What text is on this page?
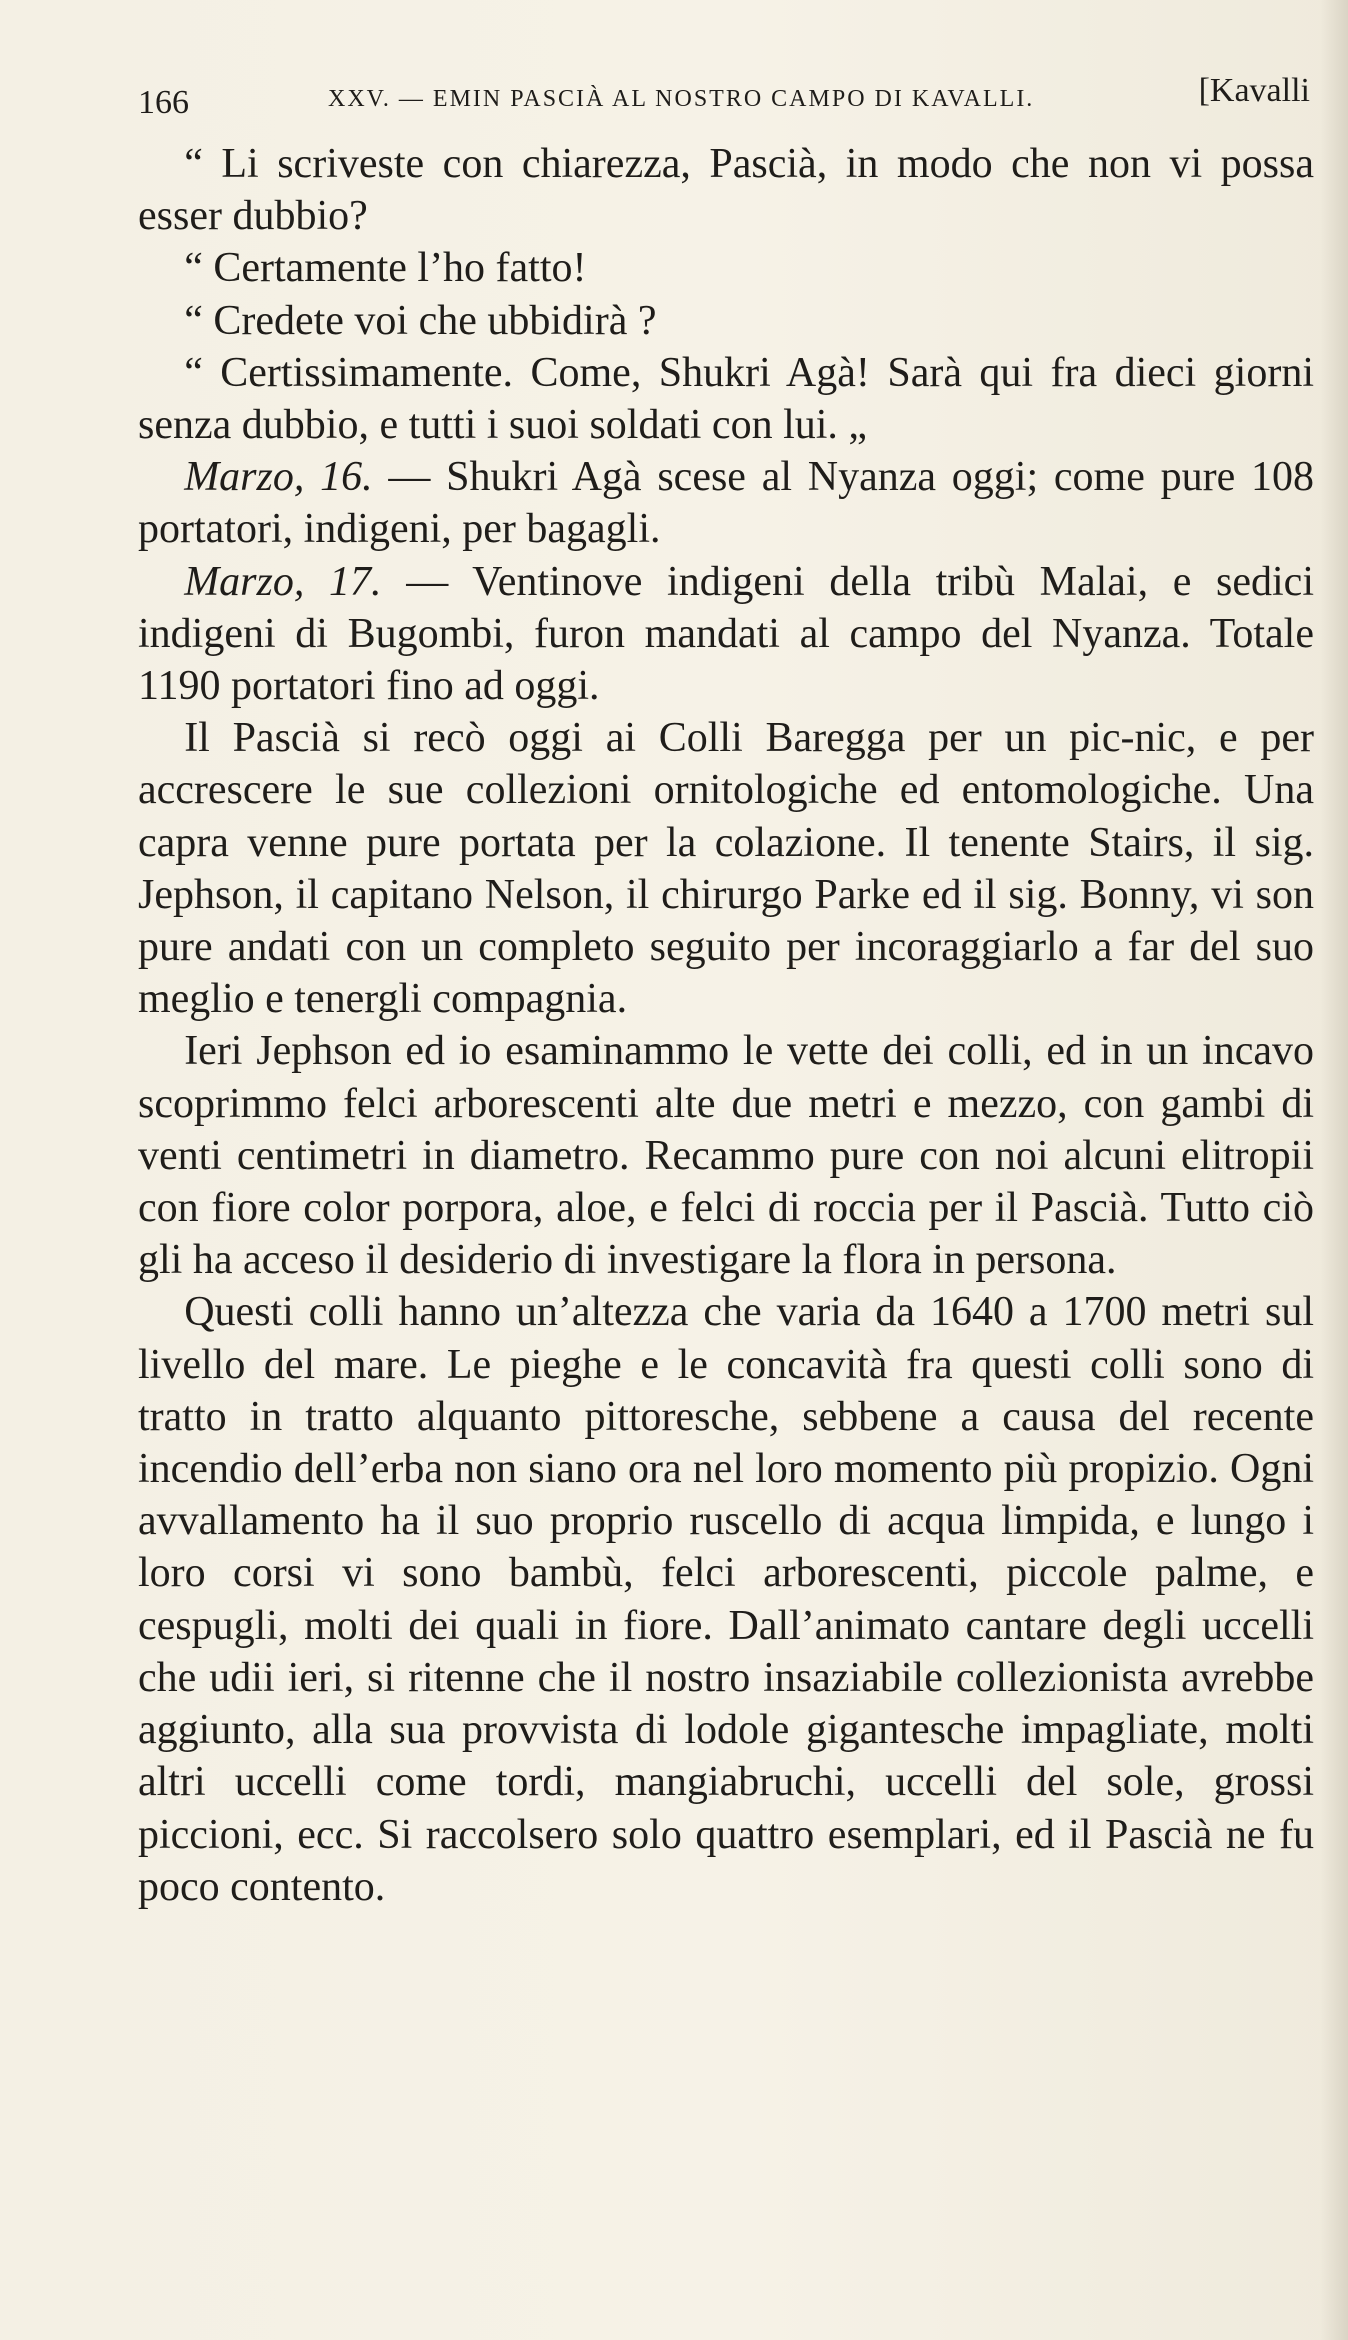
166	XXV. — EMIN PASCIÀ AL NOSTRO CAMPO DI KAVALLI.	[Kavalli

“ Li scriveste con chiarezza, Pascià, in modo che non vi possa esser dubbio?

“ Certamente l’ho fatto!

“ Credete voi che ubbidirà ?

“ Certissimamente. Come, Shukri Agà! Sarà qui fra dieci giorni senza dubbio, e tutti i suoi soldati con lui. „

Marzo, 16. — Shukri Agà scese al Nyanza oggi; come pure 108 portatori, indigeni, per bagagli.

Marzo, 17. — Ventinove indigeni della tribù Malai, e sedici indigeni di Bugombi, furon mandati al campo del Nyanza. Totale 1190 portatori fino ad oggi.

Il Pascià si recò oggi ai Colli Baregga per un pic-nic, e per accrescere le sue collezioni ornitologiche ed entomologiche. Una capra venne pure portata per la colazione. Il tenente Stairs, il sig. Jephson, il capitano Nelson, il chirurgo Parke ed il sig. Bonny, vi son pure andati con un completo seguito per incoraggiarlo a far del suo meglio e tenergli compagnia.

Ieri Jephson ed io esaminammo le vette dei colli, ed in un incavo scoprimmo felci arborescenti alte due metri e mezzo, con gambi di venti centimetri in diametro. Recammo pure con noi alcuni elitropii con fiore color porpora, aloe, e felci di roccia per il Pascià. Tutto ciò gli ha acceso il desiderio di investigare la flora in persona.

Questi colli hanno un’altezza che varia da 1640 a 1700 metri sul livello del mare. Le pieghe e le concavità fra questi colli sono di tratto in tratto alquanto pittoresche, sebbene a causa del recente incendio dell’erba non siano ora nel loro momento più propizio. Ogni avvallamento ha il suo proprio ruscello di acqua limpida, e lungo i loro corsi vi sono bambù, felci arborescenti, piccole palme, e cespugli, molti dei quali in fiore. Dall’animato cantare degli uccelli che udii ieri, si ritenne che il nostro insaziabile collezionista avrebbe aggiunto, alla sua provvista di lodole gigantesche impagliate, molti altri uccelli come tordi, mangiabruchi, uccelli del sole, grossi piccioni, ecc. Si raccolsero solo quattro esemplari, ed il Pascià ne fu poco contento.
